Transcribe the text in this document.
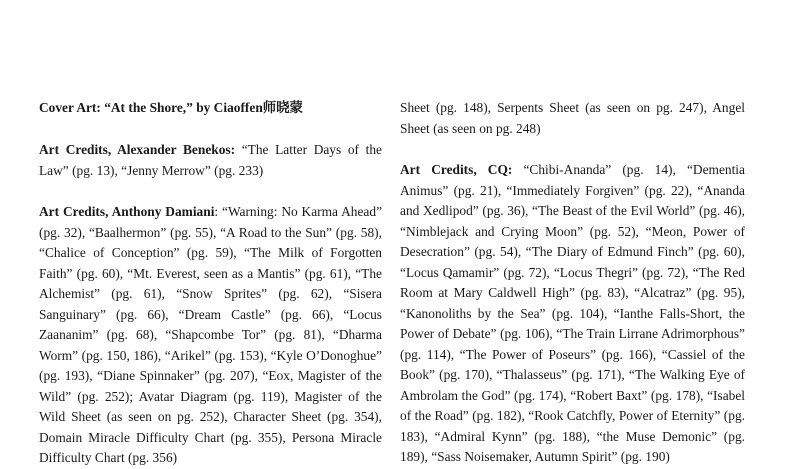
Cover Art: “At the Shore,” by Ciaoffen师晓蒙

Art Credits, Alexander Benekos: “The Latter Days of the Law” (pg. 13), “Jenny Merrow” (pg. 233)

Art Credits, Anthony Damiani: “Warning: No Karma Ahead” (pg. 32), “Baalhermon” (pg. 55), “A Road to the Sun” (pg. 58), “Chalice of Conception” (pg. 59), “The Milk of Forgotten Faith” (pg. 60), “Mt. Everest, seen as a Mantis” (pg. 61), “The Alchemist” (pg. 61), “Snow Sprites” (pg. 62), “Sisera Sanguinary” (pg. 66), “Dream Castle” (pg. 66), “Locus Zaananim” (pg. 68), “Shapcombe Tor” (pg. 81), “Dharma Worm” (pg. 150, 186), “Arikel” (pg. 153), “Kyle O’Donoghue” (pg. 193), “Diane Spinnaker” (pg. 207), “Eox, Magister of the Wild” (pg. 252); Avatar Diagram (pg. 119), Magister of the Wild Sheet (as seen on pg. 252), Character Sheet (pg. 354), Domain Miracle Difficulty Chart (pg. 355), Persona Miracle Difficulty Chart (pg. 356)

Sheet (pg. 148), Serpents Sheet (as seen on pg. 247), Angel Sheet (as seen on pg. 248)

Art Credits, CQ: “Chibi-Ananda” (pg. 14), “Dementia Animus” (pg. 21), “Immediately Forgiven” (pg. 22), “Ananda and Xedlipod” (pg. 36), “The Beast of the Evil World” (pg. 46), “Nimblejack and Crying Moon” (pg. 52), “Meon, Power of Desecration” (pg. 54), “The Diary of Edmund Finch” (pg. 60), “Locus Qamamir” (pg. 72), “Locus Thegri” (pg. 72), “The Red Room at Mary Caldwell High” (pg. 83), “Alcatraz” (pg. 95), “Kanonoliths by the Sea” (pg. 104), “Ianthe Falls-Short, the Power of Debate” (pg. 106), “The Train Lirrane Adrimorphous” (pg. 114), “The Power of Poseurs” (pg. 166), “Cassiel of the Book” (pg. 170), “Thalasseus” (pg. 171), “The Walking Eye of Ambrolam the God” (pg. 174), “Robert Baxt” (pg. 178), “Isabel of the Road” (pg. 182), “Rook Catchfly, Power of Eternity” (pg. 183), “Admiral Kynn” (pg. 188), “the Muse Demonic” (pg. 189), “Sass Noisemaker, Autumn Spirit” (pg. 190)
